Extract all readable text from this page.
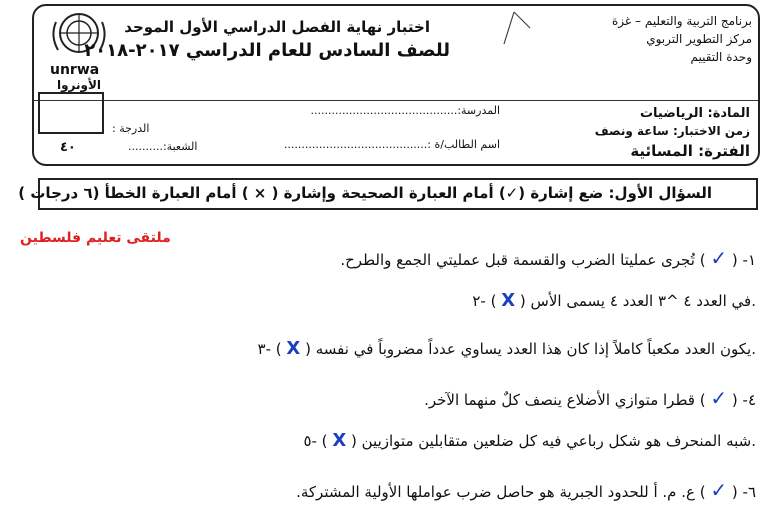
unrwa
الأونروا
برنامج التربية والتعليم – غزة
مركز التطوير التربوي
وحدة التقييم
اختبار نهاية الفصل الدراسي الأول الموحد
للصف السادس للعام الدراسي ٢٠١٧-٢٠١٨
المادة: الرياضيات
زمن الاختبار: ساعة ونصف
الفترة: المسائية
المدرسة:..........................................
اسم الطالب/ة :.........................................
الشعبة:..........
الدرجة :
٤٠
السؤال الأول: ضع إشارة (✓) أمام العبارة الصحيحة وإشارة ( × ) أمام العبارة الخطأ (٦ درجات )
ملتقى تعليم فلسطين
١- ( ✓ ) تُجرى عمليتا الضرب والقسمة قبل عمليتي الجمع والطرح.
٢- ( X ) في العدد ٤ ^٣ العدد ٤ يسمى الأس.
٣- ( X ) يكون العدد مكعباً كاملاً إذا كان هذا العدد يساوي عدداً مضروباً في نفسه.
٤- ( ✓ ) قطرا متوازي الأضلاع ينصف كلٌ منهما الآخر.
٥- ( X ) شبه المنحرف هو شكل رباعي فيه كل ضلعين متقابلين متوازيين.
٦- ( ✓ ) ع. م. أ للحدود الجبرية هو حاصل ضرب عواملها الأولية المشتركة.
